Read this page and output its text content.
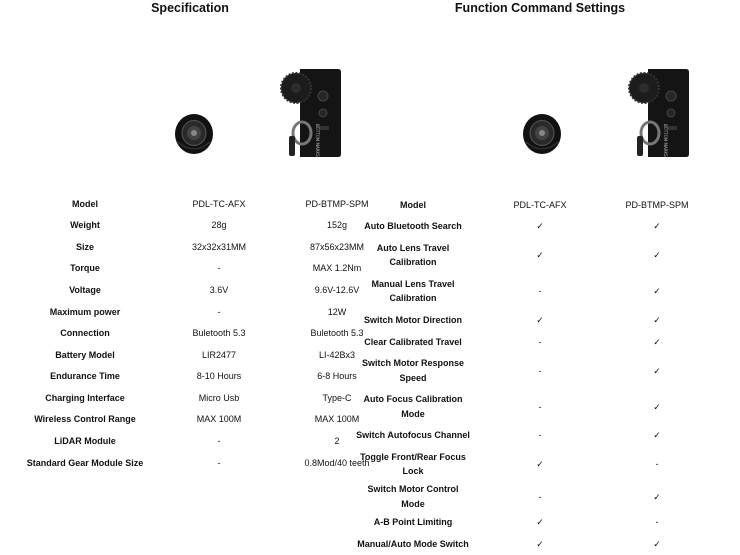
Specification	Function Command Settings
BOTTOM MARKS	BOTTOM MARKS
Model	PDL-TC-AFX	PD-BTMP-SPM
Weight	28g	152g
Size	32x32x31MM	87x56x23MM
Torque	-	MAX 1.2Nm
Voltage	3.6V	9.6V-12.6V
Maximum power	-	12W
Connection	Buletooth 5.3	Buletooth 5.3
Battery Model	LIR2477	LI-42Bx3
Endurance Time	8-10 Hours	6-8 Hours
Charging Interface	Micro Usb	Type-C
Wireless Control Range	MAX 100M	MAX 100M
LiDAR Module	-	2
Standard Gear Module Size	-	0.8Mod/40 teeth
Model	PDL-TC-AFX	PD-BTMP-SPM

Auto Bluetooth Search	✓	✓

Auto Lens Travel
Calibration	✓	✓

Manual Lens Travel
Calibration	-	✓

Switch Motor Direction	✓	✓

Clear Calibrated Travel	-	✓

Switch Motor Response
Speed	-	✓

Auto Focus Calibration
Mode	-	✓

Switch Autofocus Channel	-	✓

Toggle Front/Rear Focus
Lock	✓	-

Switch Motor Control Mode	-	✓

A-B Point Limiting	✓	-

Manual/Auto Mode Switch	✓	✓
